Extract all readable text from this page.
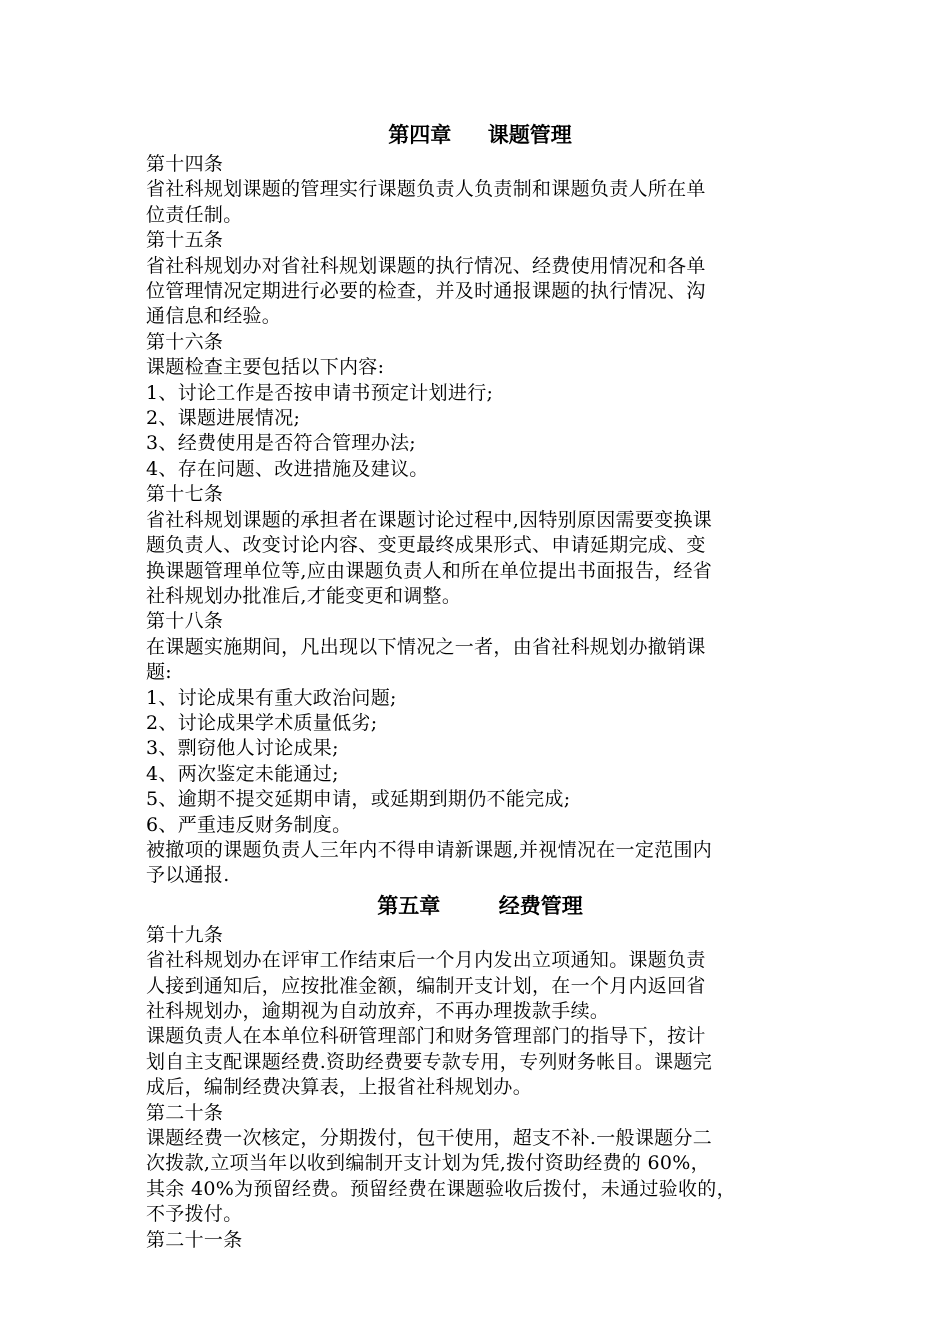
第四章     课题管理

第十四条

省社科规划课题的管理实行课题负责人负责制和课题负责人所在单

位责任制。

第十五条

省社科规划办对省社科规划课题的执行情况、经费使用情况和各单

位管理情况定期进行必要的检查，并及时通报课题的执行情况、沟

通信息和经验。

第十六条

课题检查主要包括以下内容:

1、讨论工作是否按申请书预定计划进行;

2、课题进展情况;

3、经费使用是否符合管理办法;

4、存在问题、改进措施及建议。

第十七条

省社科规划课题的承担者在课题讨论过程中,因特别原因需要变换课

题负责人、改变讨论内容、变更最终成果形式、申请延期完成、变

换课题管理单位等,应由课题负责人和所在单位提出书面报告，经省

社科规划办批准后,才能变更和调整。

第十八条

在课题实施期间，凡出现以下情况之一者，由省社科规划办撤销课

题:

1、讨论成果有重大政治问题;

2、讨论成果学术质量低劣;

3、剽窃他人讨论成果;

4、两次鉴定未能通过;

5、逾期不提交延期申请，或延期到期仍不能完成;

6、严重违反财务制度。

被撤项的课题负责人三年内不得申请新课题,并视情况在一定范围内

予以通报.

第五章        经费管理

第十九条

省社科规划办在评审工作结束后一个月内发出立项通知。课题负责

人接到通知后，应按批准金额，编制开支计划，在一个月内返回省

社科规划办，逾期视为自动放弃，不再办理拨款手续。

课题负责人在本单位科研管理部门和财务管理部门的指导下，按计

划自主支配课题经费.资助经费要专款专用，专列财务帐目。课题完

成后，编制经费决算表，上报省社科规划办。

第二十条

课题经费一次核定，分期拨付，包干使用，超支不补.一般课题分二

次拨款,立项当年以收到编制开支计划为凭,拨付资助经费的 60%，

其余 40%为预留经费。预留经费在课题验收后拨付，未通过验收的，

不予拨付。

第二十一条
